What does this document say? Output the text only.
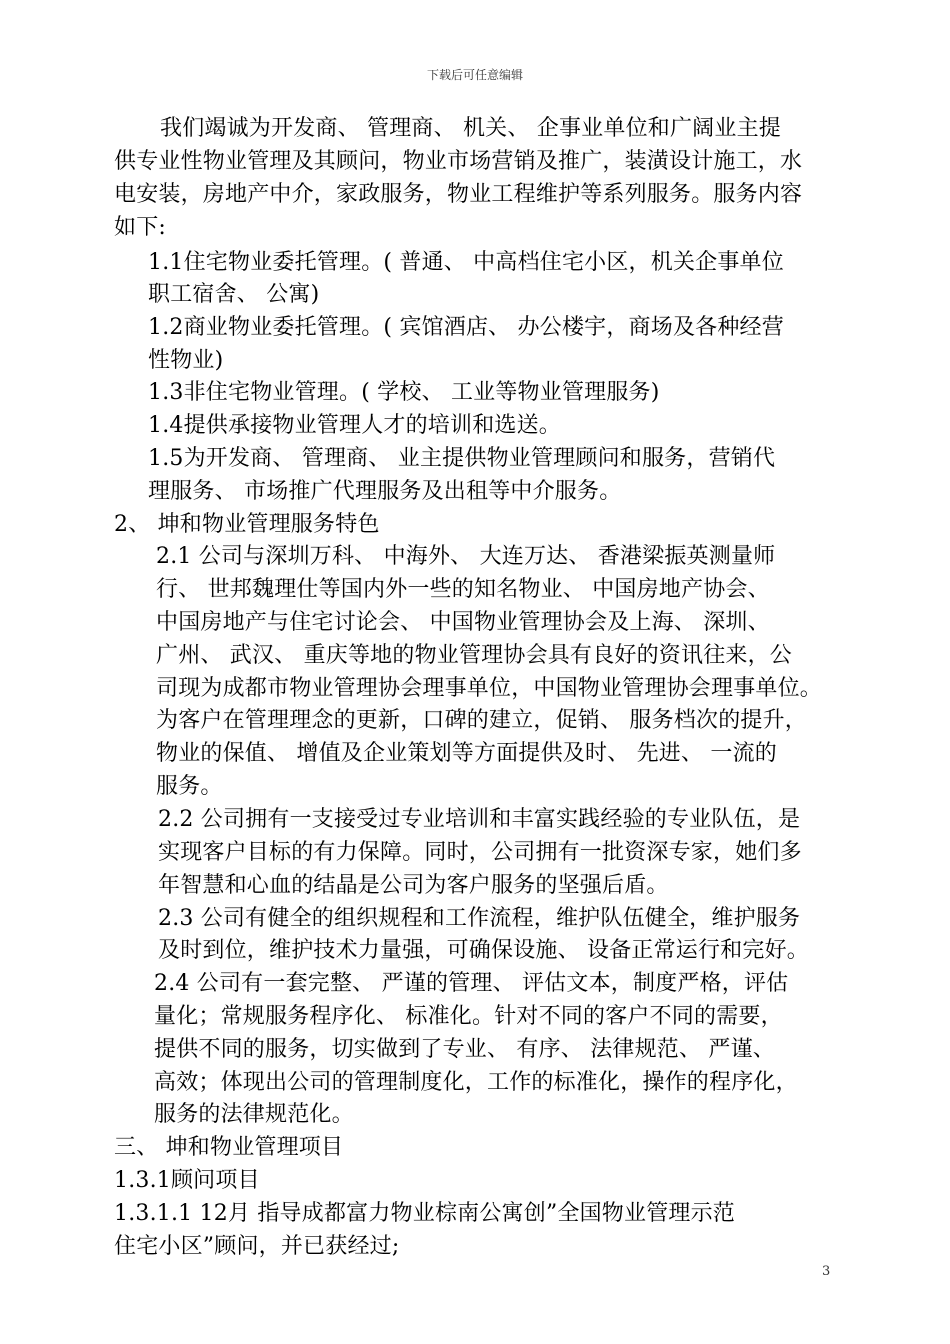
下载后可任意编辑
我们竭诚为开发商、 管理商、 机关、 企事业单位和广阔业主提
供专业性物业管理及其顾问，物业市场营销及推广，装潢设计施工，水
电安装，房地产中介，家政服务，物业工程维护等系列服务。服务内容
如下:
1.1住宅物业委托管理。( 普通、 中高档住宅小区，机关企事单位
职工宿舍、 公寓)
1.2商业物业委托管理。( 宾馆酒店、 办公楼宇，商场及各种经营
性物业)
1.3非住宅物业管理。( 学校、 工业等物业管理服务)
1.4提供承接物业管理人才的培训和选送。
1.5为开发商、 管理商、 业主提供物业管理顾问和服务，营销代
理服务、 市场推广代理服务及出租等中介服务。
2、 坤和物业管理服务特色
2.1 公司与深圳万科、 中海外、 大连万达、 香港梁振英测量师
行、 世邦魏理仕等国内外一些的知名物业、 中国房地产协会、
中国房地产与住宅讨论会、 中国物业管理协会及上海、 深圳、
广州、 武汉、 重庆等地的物业管理协会具有良好的资讯往来，公
司现为成都市物业管理协会理事单位，中国物业管理协会理事单位。
为客户在管理理念的更新，口碑的建立，促销、 服务档次的提升，
物业的保值、 增值及企业策划等方面提供及时、 先进、 一流的
服务。
2.2 公司拥有一支接受过专业培训和丰富实践经验的专业队伍，是
实现客户目标的有力保障。同时，公司拥有一批资深专家，她们多
年智慧和心血的结晶是公司为客户服务的坚强后盾。
2.3 公司有健全的组织规程和工作流程，维护队伍健全，维护服务
及时到位，维护技术力量强，可确保设施、 设备正常运行和完好。
2.4 公司有一套完整、 严谨的管理、 评估文本，制度严格，评估
量化；常规服务程序化、 标准化。针对不同的客户不同的需要，
提供不同的服务，切实做到了专业、 有序、 法律规范、 严谨、
高效；体现出公司的管理制度化，工作的标准化，操作的程序化，
服务的法律规范化。
三、 坤和物业管理项目
1.3.1顾问项目
1.3.1.1 12月 指导成都富力物业棕南公寓创”全国物业管理示范
住宅小区”顾问，并已获经过;
3
